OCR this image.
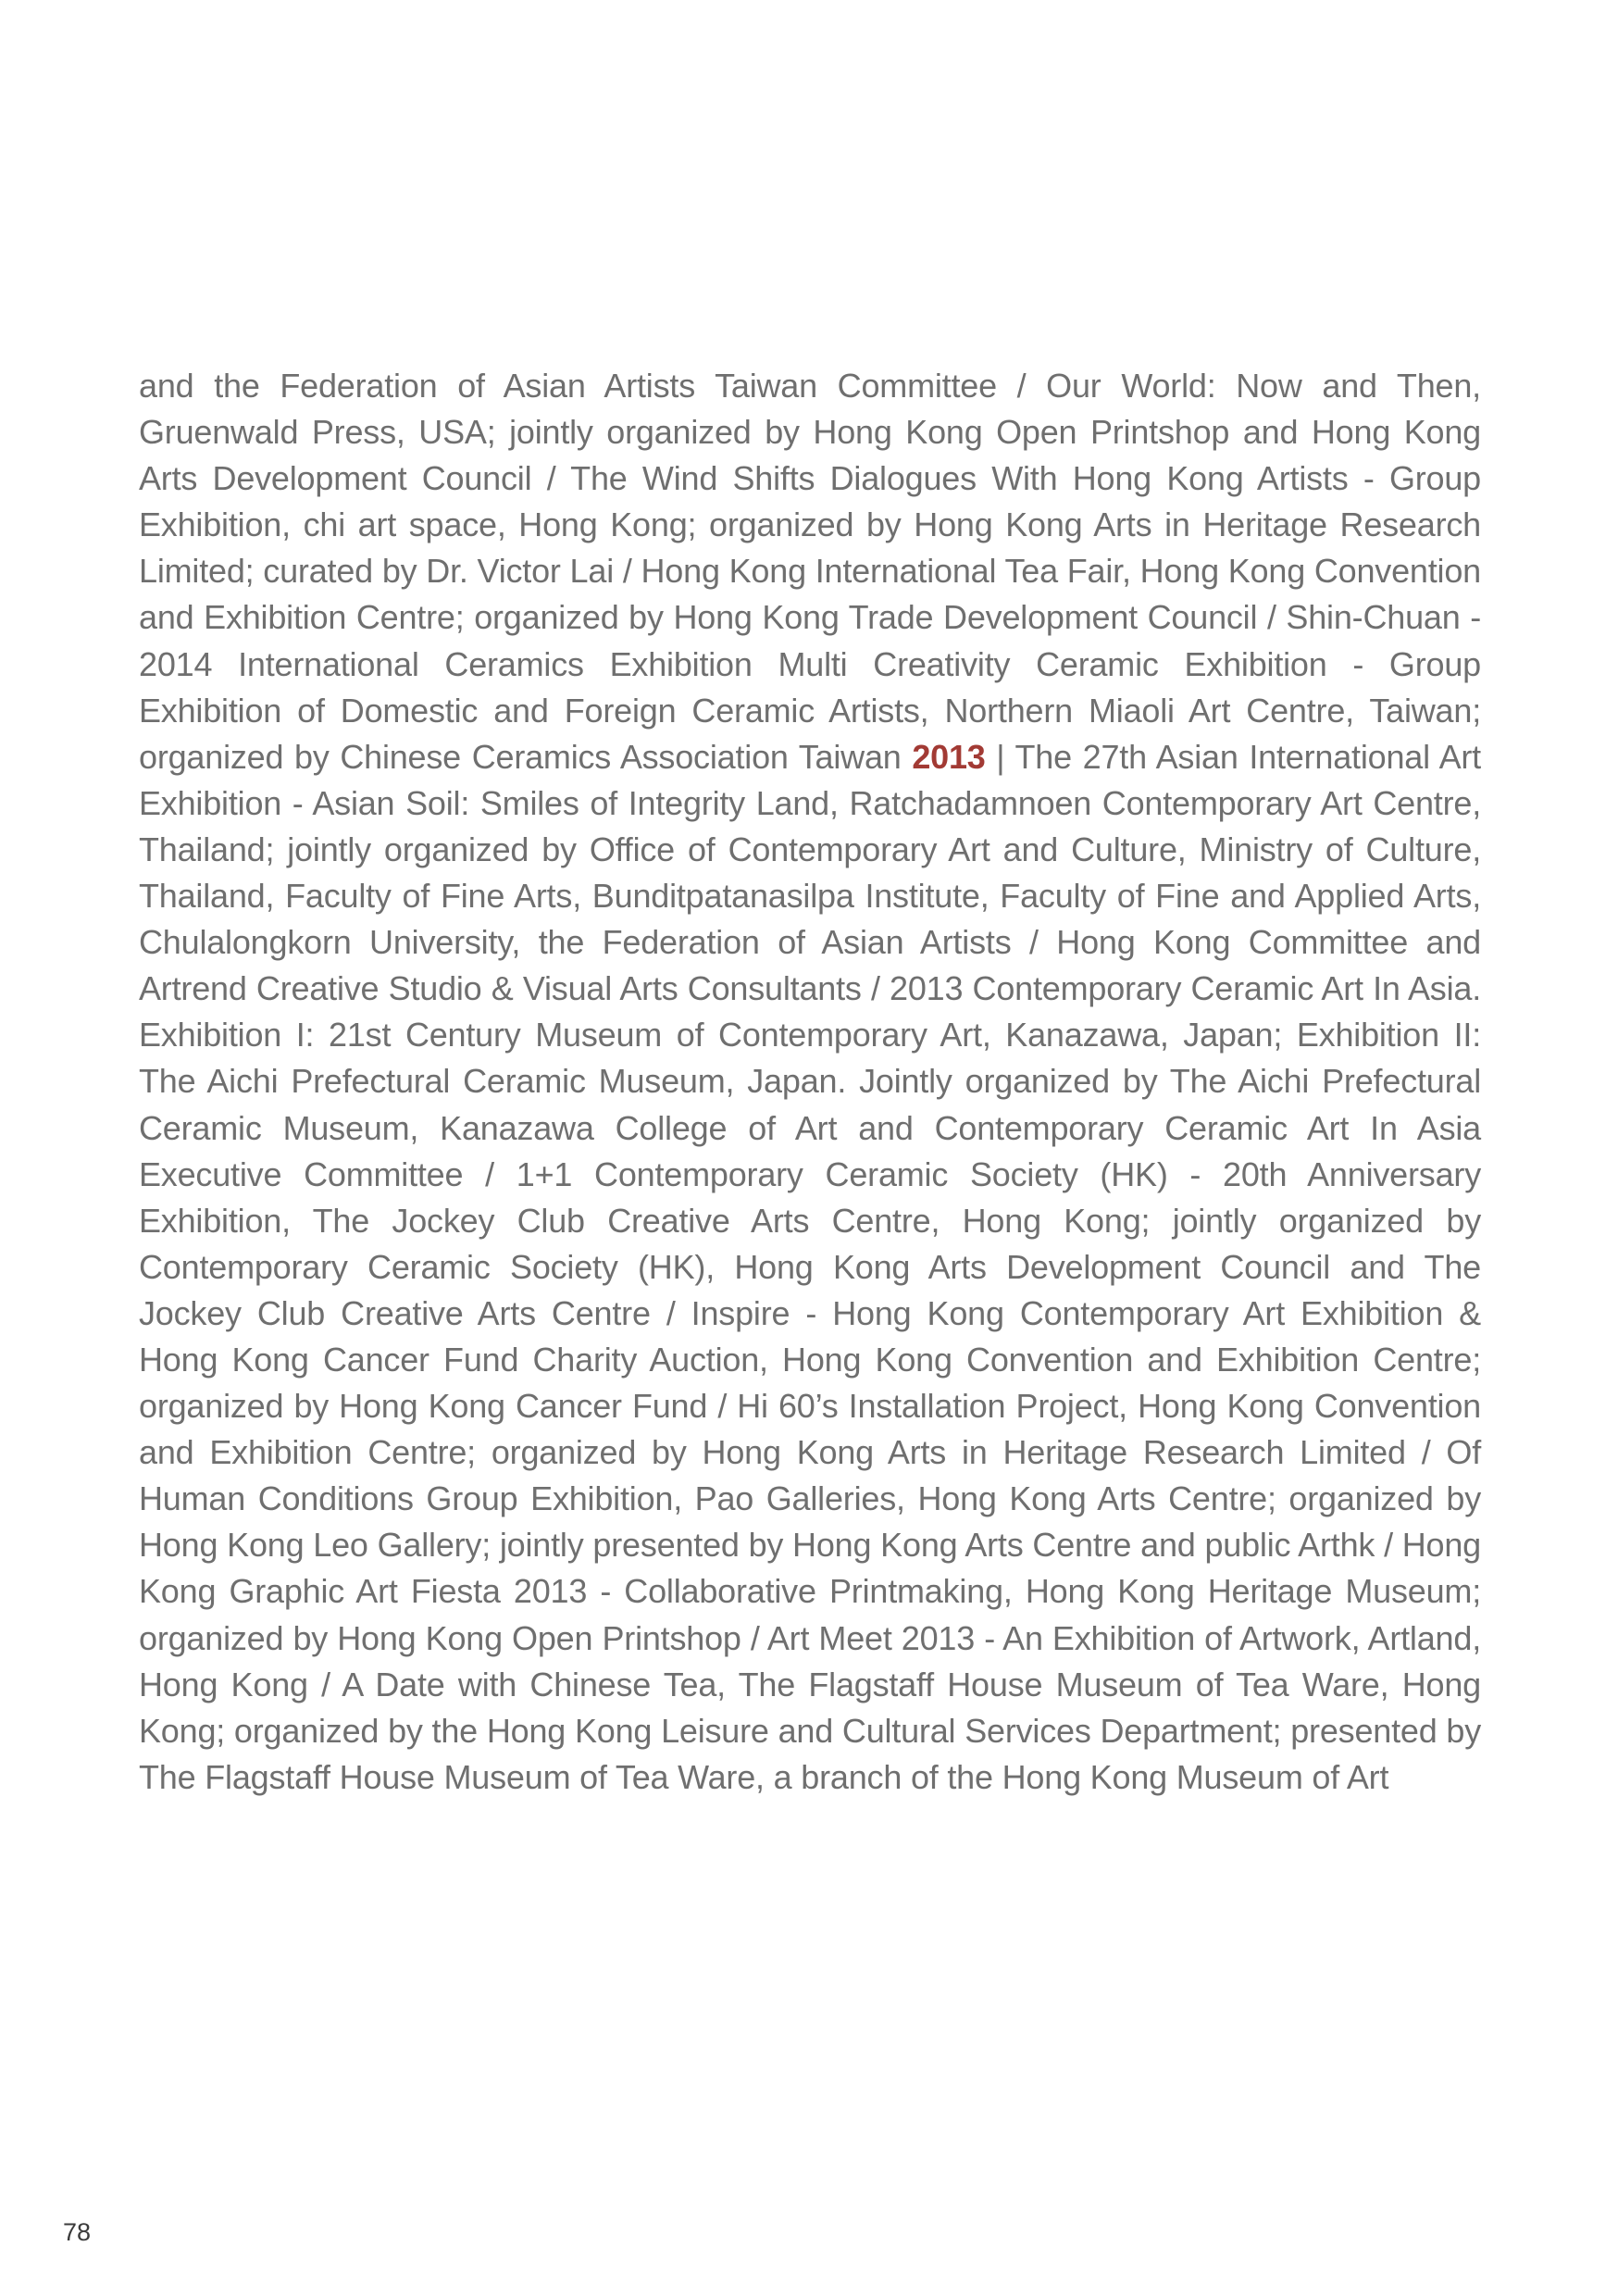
and the Federation of Asian Artists Taiwan Committee / Our World: Now and Then, Gruenwald Press, USA; jointly organized by Hong Kong Open Printshop and Hong Kong Arts Development Council / The Wind Shifts Dialogues With Hong Kong Artists - Group Exhibition, chi art space, Hong Kong; organized by Hong Kong Arts in Heritage Research Limited; curated by Dr. Victor Lai / Hong Kong International Tea Fair, Hong Kong Convention and Exhibition Centre; organized by Hong Kong Trade Development Council / Shin-Chuan - 2014 International Ceramics Exhibition Multi Creativity Ceramic Exhibition - Group Exhibition of Domestic and Foreign Ceramic Artists, Northern Miaoli Art Centre, Taiwan; organized by Chinese Ceramics Association Taiwan 2013 | The 27th Asian International Art Exhibition - Asian Soil: Smiles of Integrity Land, Ratchadamnoen Contemporary Art Centre, Thailand; jointly organized by Office of Contemporary Art and Culture, Ministry of Culture, Thailand, Faculty of Fine Arts, Bunditpatanasilpa Institute, Faculty of Fine and Applied Arts, Chulalongkorn University, the Federation of Asian Artists / Hong Kong Committee and Artrend Creative Studio & Visual Arts Consultants / 2013 Contemporary Ceramic Art In Asia. Exhibition I: 21st Century Museum of Contemporary Art, Kanazawa, Japan; Exhibition II: The Aichi Prefectural Ceramic Museum, Japan. Jointly organized by The Aichi Prefectural Ceramic Museum, Kanazawa College of Art and Contemporary Ceramic Art In Asia Executive Committee / 1+1 Contemporary Ceramic Society (HK) - 20th Anniversary Exhibition, The Jockey Club Creative Arts Centre, Hong Kong; jointly organized by Contemporary Ceramic Society (HK), Hong Kong Arts Development Council and The Jockey Club Creative Arts Centre / Inspire - Hong Kong Contemporary Art Exhibition & Hong Kong Cancer Fund Charity Auction, Hong Kong Convention and Exhibition Centre; organized by Hong Kong Cancer Fund / Hi 60’s Installation Project, Hong Kong Convention and Exhibition Centre; organized by Hong Kong Arts in Heritage Research Limited / Of Human Conditions Group Exhibition, Pao Galleries, Hong Kong Arts Centre; organized by Hong Kong Leo Gallery; jointly presented by Hong Kong Arts Centre and public Arthk / Hong Kong Graphic Art Fiesta 2013 - Collaborative Printmaking, Hong Kong Heritage Museum; organized by Hong Kong Open Printshop / Art Meet 2013 - An Exhibition of Artwork, Artland, Hong Kong / A Date with Chinese Tea, The Flagstaff House Museum of Tea Ware, Hong Kong; organized by the Hong Kong Leisure and Cultural Services Department; presented by The Flagstaff House Museum of Tea Ware, a branch of the Hong Kong Museum of Art

78
